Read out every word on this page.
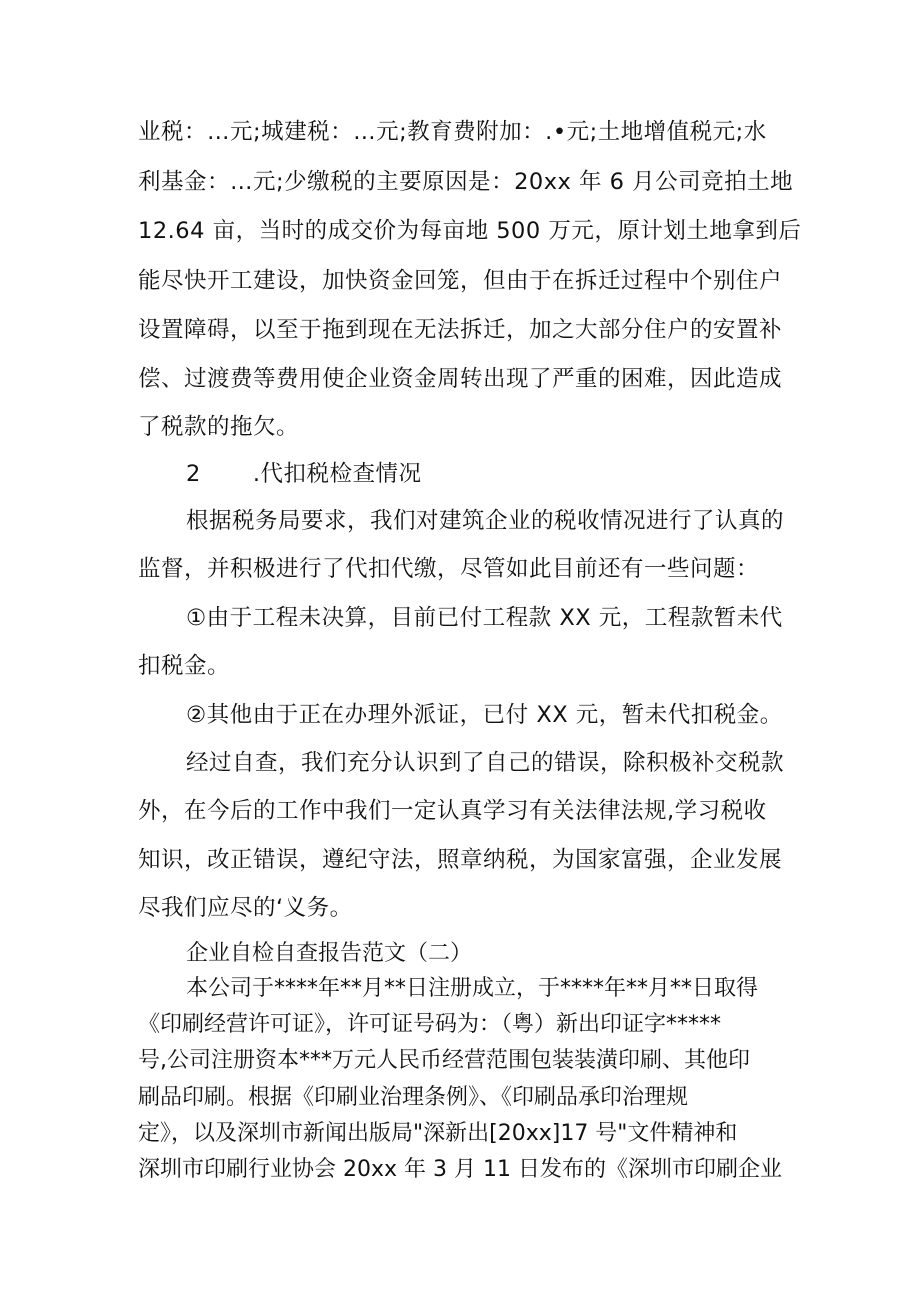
业税：…元;城建税：…元;教育费附加：.•元;土地增值税元;水
利基金：…元;少缴税的主要原因是：20xx 年 6 月公司竞拍土地
12.64 亩，当时的成交价为每亩地 500 万元，原计划土地拿到后
能尽快开工建设，加快资金回笼，但由于在拆迁过程中个别住户
设置障碍，以至于拖到现在无法拆迁，加之大部分住户的安置补
偿、过渡费等费用使企业资金周转出现了严重的困难，因此造成
了税款的拖欠。
2 .代扣税检查情况
根据税务局要求，我们对建筑企业的税收情况进行了认真的
监督，并积极进行了代扣代缴，尽管如此目前还有一些问题：
①由于工程未决算，目前已付工程款 XX 元，工程款暂未代
扣税金。
②其他由于正在办理外派证，已付 XX 元，暂未代扣税金。
经过自查，我们充分认识到了自己的错误，除积极补交税款
外，在今后的工作中我们一定认真学习有关法律法规,学习税收
知识，改正错误，遵纪守法，照章纳税，为国家富强，企业发展
尽我们应尽的‘义务。
企业自检自查报告范文（二）
本公司于****年**月**日注册成立，于****年**月**日取得
《印刷经营许可证》，许可证号码为：（粤）新出印证字*****
号,公司注册资本***万元人民币经营范围包装装潢印刷、其他印
刷品印刷。根据《印刷业治理条例》、《印刷品承印治理规
定》，以及深圳市新闻出版局"深新出[20xx]17 号"文件精神和
深圳市印刷行业协会 20xx 年 3 月 11 日发布的《深圳市印刷企业
